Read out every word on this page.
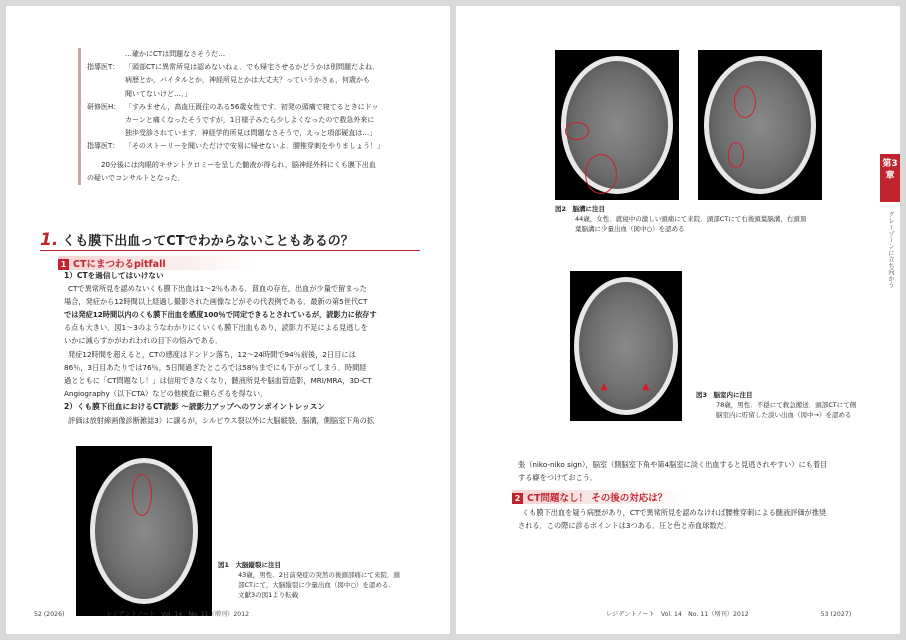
…確かにCTは問題なさそうだ…
指導医T： 「頭部CTに異常所見は認めないねぇ．でも帰宅させるかどうかは別問題だよね．
病歴とか，バイタルとか，神経所見とかは大丈夫？っていうかさぁ，何歳かも
聞いてないけど…．」
研修医H： 「すみません，高血圧既往のある56歳女性です．初発の頭痛で寝てるときにドッ
カーンと痛くなったそうですが，1日様子みたら少しよくなったので救急外来に
独歩受診されています．神経学的所見は問題なさそうで，えっと項部硬直は…」
指導医T： 「そのストーリーを聞いただけで安易に帰せないよ．腰椎穿刺をやりましょう！」
20分後には肉眼的キサントクロミーを呈した髄液が得られ，脳神経外科にくも膜下出血
の疑いでコンサルトとなった．
1. くも膜下出血ってCTでわからないこともあるの？
1 CTにまつわるpitfall
1）CTを過信してはいけない
CTで異常所見を認めないくも膜下出血は1～2％もある．貧血の存在，出血が少量で留まった
場合，発症から12時間以上経過し撮影された画像などがその代表例である．最新の第5世代CT
では発症12時間以内のくも膜下出血を感度100％で同定できるとされているが，読影力に依存す
る点も大きい．図1～3のようなわかりにくいくも膜下出血もあり，読影力不足による見逃しを
いかに減らすかがわれわれの目下の悩みである．
発症12時間を超えると，CTの感度はドンドン落ち，12～24時間で94％前後，2日目には
86％，3日目あたりでは76％，5日間過ぎたところでは58％までにも下がってしまう．時間経
過とともに「CT問題なし！」は信用できなくなり，髄液所見や脳血管造影，MRI/MRA，3D-CT
Angiography（以下CTA）などの他検査に頼らざるを得ない．
2）くも膜下出血におけるCT読影 ～読影力アップへのワンポイントレッスン
評価は放射線画像診断雑誌3）に譲るが，シルビウス裂以外に大脳縦裂，脳溝，側脳室下角の拡
図1　 大脳縦裂に注目
43歳，男性．2日前発症の突然の後頭部痛にて来院．頭
部CTにて，大脳縦裂に少量出血（図中○）を認める．
文献3の図1より転載
52 (2026)	レジデントノート　Vol. 14　No. 11（増刊）2012
図2　 脳溝に注目
44歳，女性．就寝中の激しい頭痛にて来院．頭部CTにて右後頭葉脳溝，右頭頂
葉脳溝に少量出血（図中○）を認める
▲	▲
図3　 脳室内に注目
78歳，男性．不穏にて救急搬送．頭部CTにて側
脳室内に貯留した淡い出血（図中→）を認める
張（niko-niko sign），脳室（側脳室下角や第4脳室に淡く出血すると見逃されやすい）にも着目
する癖をつけておこう．
2 CT問題なし！ その後の対応は？
くも膜下出血を疑う病歴があり，CTで異常所見を認めなければ腰椎穿刺による髄液評価が推奨
される．この際に診るポイントは3つある．圧と色と赤血球数だ．
第3章
グレーゾーンに立ち向かう
レジデントノート　Vol. 14　No. 11（増刊）2012	53 (2027)
